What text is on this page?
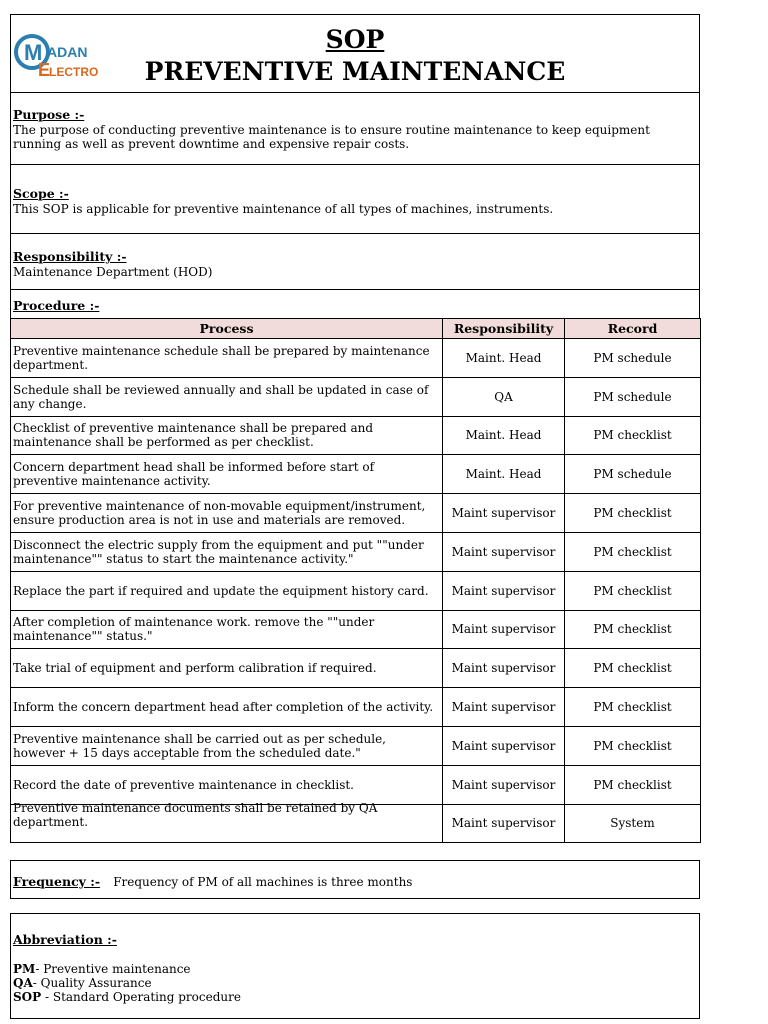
M ADAN
E
LECTRO
SOP
PREVENTIVE MAINTENANCE
Purpose :-
The purpose of conducting preventive maintenance is to ensure routine maintenance to keep equipment running as well as prevent downtime and expensive repair costs.
Scope :-
This SOP is applicable for preventive maintenance of all types of machines, instruments.
Responsibility :-
Maintenance Department (HOD)
Procedure :-
Process	Responsibility	Record
Preventive maintenance schedule shall be prepared by maintenance department.	Maint. Head	PM schedule
Schedule shall be reviewed annually and shall be updated in case of any change.	QA	PM schedule
Checklist of preventive maintenance shall be prepared and maintenance shall be performed as per checklist.	Maint. Head	PM checklist
Concern department head shall be informed before start of preventive maintenance activity.	Maint. Head	PM schedule
For preventive maintenance of non-movable equipment/instrument, ensure production area is not in use and materials are removed.	Maint supervisor	PM checklist
Disconnect the electric supply from the equipment and put ""under maintenance"" status to start the maintenance activity."	Maint supervisor	PM checklist
Replace the part if required and update the equipment history card.	Maint supervisor	PM checklist
After completion of maintenance work. remove the ""under maintenance"" status."	Maint supervisor	PM checklist
Take trial of equipment and perform calibration if required.	Maint supervisor	PM checklist
Inform the concern department head after completion of the activity.	Maint supervisor	PM checklist
Preventive maintenance shall be carried out as per schedule, however + 15 days acceptable from the scheduled date."	Maint supervisor	PM checklist
Record the date of preventive maintenance in checklist.	Maint supervisor	PM checklist

Preventive maintenance documents shall be retained by QA department.	Maint supervisor	System
Frequency :- Frequency of PM of all machines is three months
Abbreviation :-
PM- Preventive maintenance
QA- Quality Assurance
SOP - Standard Operating procedure
